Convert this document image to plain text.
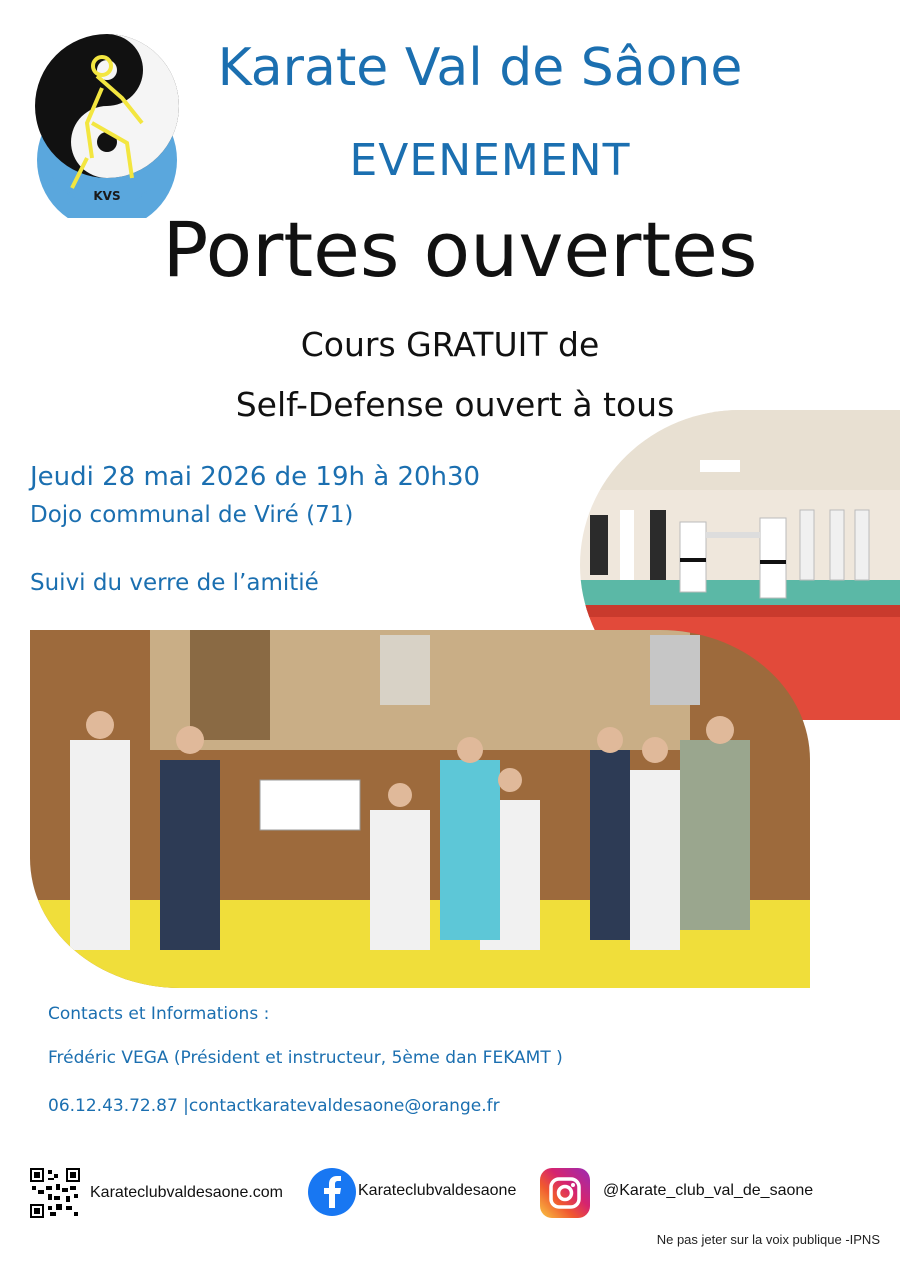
KVS
Karate Val de Sâone
EVENEMENT
Portes ouvertes
Cours GRATUIT de
Self-Defense ouvert à tous
Jeudi 28 mai 2026 de 19h à 20h30
Dojo communal de Viré (71)
Suivi du verre de l’amitié
Contacts et Informations :
Frédéric VEGA (Président et instructeur, 5ème dan FEKAMT )
06.12.43.72.87 |contactkaratevaldesaone@orange.fr
Karateclubvaldesaone.com	Karateclubvaldesaone	@Karate_club_val_de_saone
Ne pas jeter sur la voix publique -IPNS
